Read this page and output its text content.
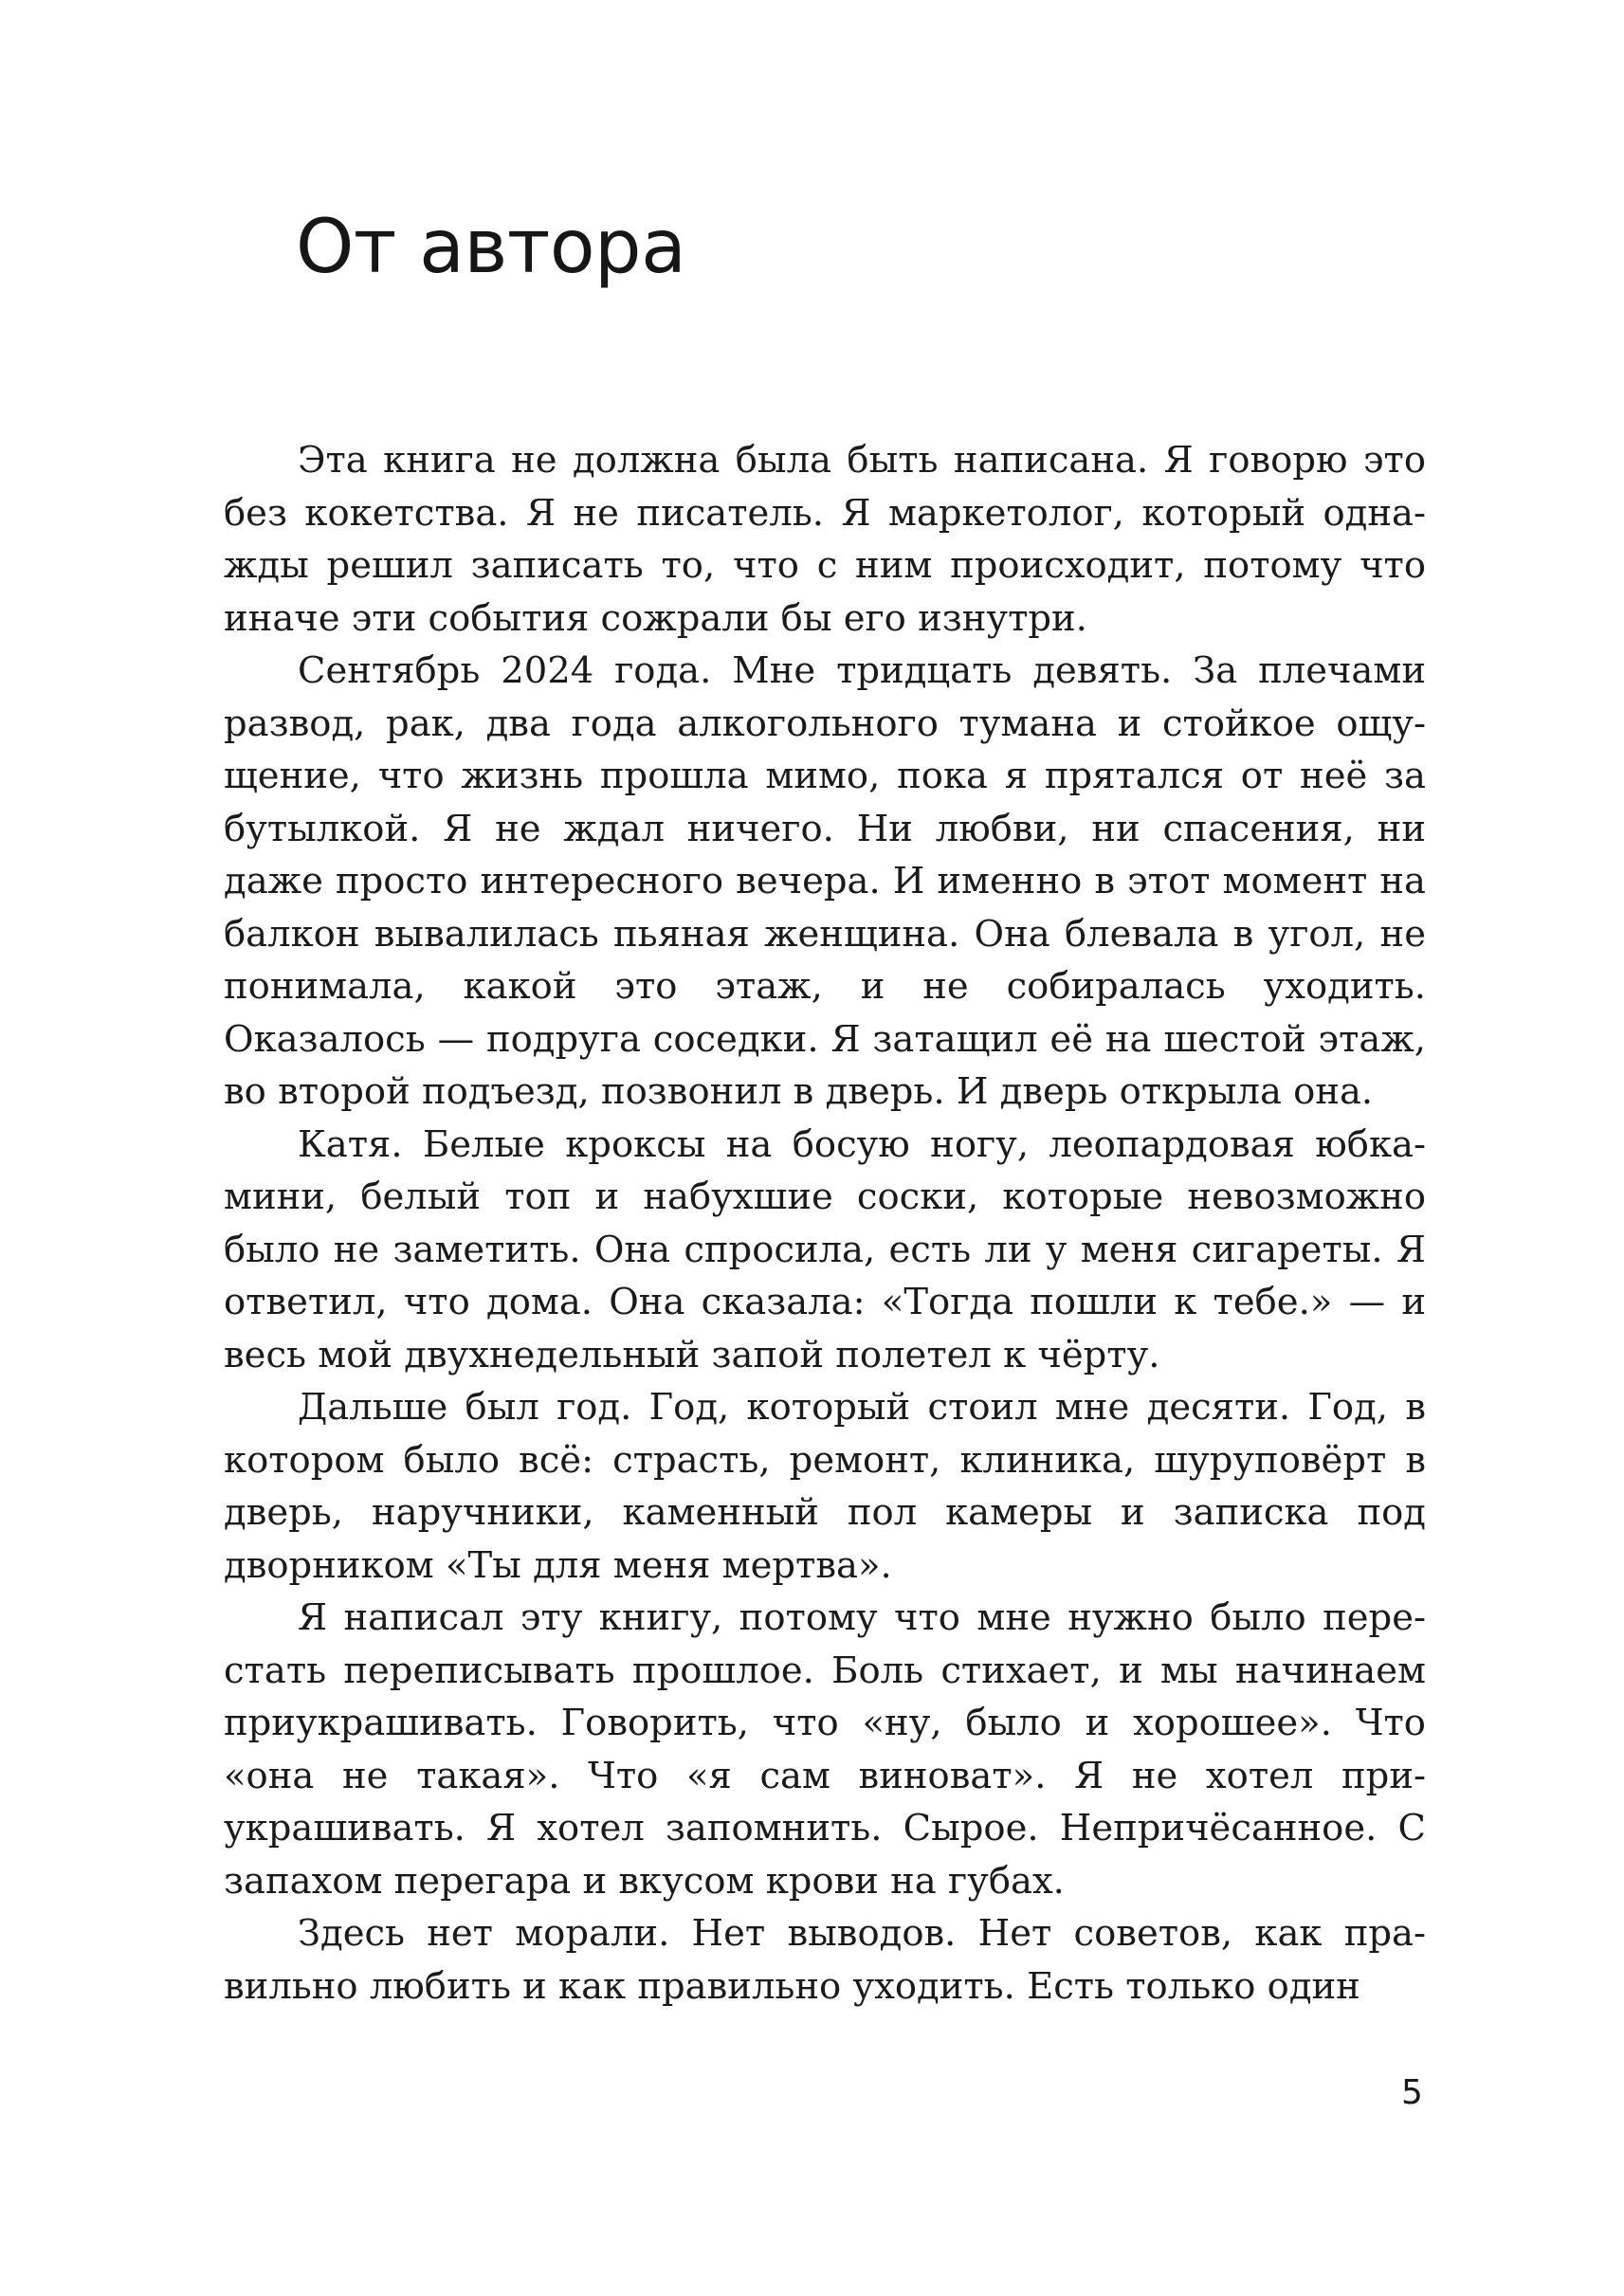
От автора

Эта книга не должна была быть написана. Я говорю это без кокетства. Я не писатель. Я маркетолог, который однажды решил записать то, что с ним происходит, потому что иначе эти события сожрали бы его изнутри.

Сентябрь 2024 года. Мне тридцать девять. За плечами развод, рак, два года алкогольного тумана и стойкое ощущение, что жизнь прошла мимо, пока я прятался от неё за бутылкой. Я не ждал ничего. Ни любви, ни спасения, ни даже просто интересного вечера. И именно в этот момент на балкон вывалилась пьяная женщина. Она блевала в угол, не понимала, какой это этаж, и не собиралась уходить. Оказалось — подруга соседки. Я затащил её на шестой этаж, во второй подъезд, позвонил в дверь. И дверь открыла она.

Катя. Белые кроксы на босую ногу, леопардовая юбка-мини, белый топ и набухшие соски, которые невозможно было не заметить. Она спросила, есть ли у меня сигареты. Я ответил, что дома. Она сказала: «Тогда пошли к тебе.» — и весь мой двухнедельный запой полетел к чёрту.

Дальше был год. Год, который стоил мне десяти. Год, в котором было всё: страсть, ремонт, клиника, шуруповёрт в дверь, наручники, каменный пол камеры и записка под дворником «Ты для меня мертва».

Я написал эту книгу, потому что мне нужно было перестать переписывать прошлое. Боль стихает, и мы начинаем приукрашивать. Говорить, что «ну, было и хорошее». Что «она не такая». Что «я сам виноват». Я не хотел приукрашивать. Я хотел запомнить. Сырое. Непричёсанное. С запахом перегара и вкусом крови на губах.

Здесь нет морали. Нет выводов. Нет советов, как правильно любить и как правильно уходить. Есть только один

5
